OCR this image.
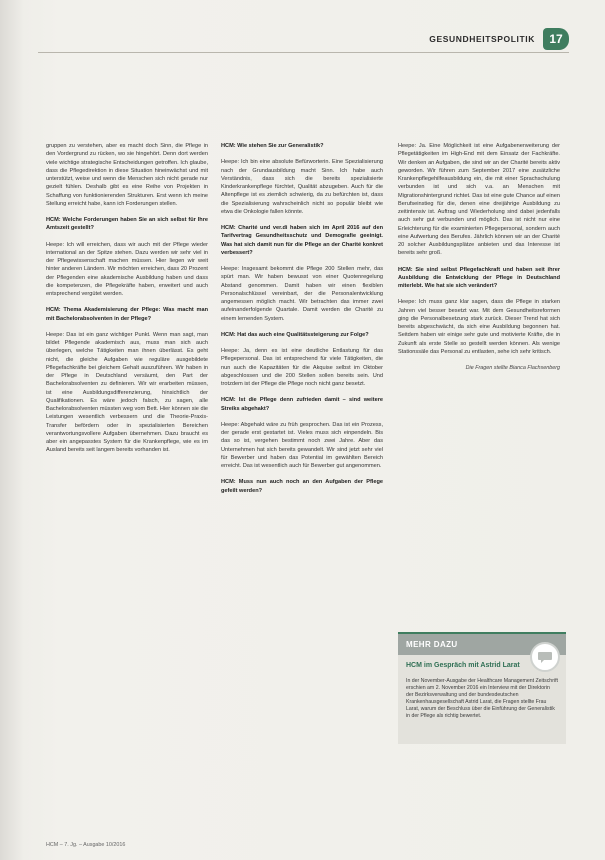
GESUNDHEITSPOLITIK	17

gruppen zu verstehen, aber es macht doch Sinn, die Pflege in den Vordergrund zu rücken, wo sie hingehört. Denn dort werden viele wichtige strategische Entscheidungen getroffen. Ich glaube, dass die Pflegedirektion in diese Situation hineinwächst und mit unterstützt, weise und wenn die Menschen sich nicht gerade nur gezielt fühlen. Deshalb gibt es eine Reihe von Projekten in Schaffung von funktionierenden Strukturen. Erst wenn ich meine Stellung erreicht habe, kann ich Forderungen stellen.

HCM: Welche Forderungen haben Sie an sich selbst für Ihre Amtszeit gestellt?

Heepe: Ich will erreichen, dass wir auch mit der Pflege wieder international an der Spitze stehen. Dazu werden wir sehr viel in der Pflegewissenschaft machen müssen. Hier liegen wir weit hinter anderen Ländern. Wir möchten erreichen, dass 20 Prozent der Pflegenden eine akademische Ausbildung haben und dass die kompetenzen, die Pflegekräfte haben, erweitert und auch entsprechend vergütet werden.

HCM: Thema Akademisierung der Pflege: Was macht man mit Bachelorabsolventen in der Pflege?

Heepe: Das ist ein ganz wichtiger Punkt. Wenn man sagt, man bildet Pflegende akademisch aus, muss man sich auch überlegen, welche Tätigkeiten man ihnen überlässt. Es geht nicht, die gleiche Aufgaben wie reguläre ausgebildete Pflegefachkräfte bei gleichem Gehalt auszuführen. Wir haben in der Pflege in Deutschland versäumt, den Part der Bachelorabsolventen zu definieren. Wir wir erarbeiten müssen, ist eine Ausbildungsdifferenzierung, hinsichtlich der Qualifikationen. Es wäre jedoch falsch, zu sagen, alle Bachelorabsolventen müssten weg vom Bett. Hier können sie die Leistungen wesentlich verbessern und die Theorie-Praxis-Transfer befördern oder in spezialisierten Bereichen verantwortungsvollere Aufgaben übernehmen. Dazu braucht es aber ein angepasstes System für die Krankenpflege, wie es im Ausland bereits seit langem bereits vorhanden ist.

HCM: Wie stehen Sie zur Generalistik?

Heepe: Ich bin eine absolute Befürworterin. Eine Spezialisierung nach der Grundausbildung macht Sinn. Ich habe auch Verständnis, dass sich die bereits spezialisierte Kinderkrankenpflege fürchtet, Qualität abzugeben. Auch für die Altenpflege ist es ziemlich schwierig, da zu befürchten ist, dass die Spezialisierung wahrscheinlich nicht so populär bleibt wie etwa die Onkologie fallen könnte.

HCM: Charité und ver.di haben sich im April 2016 auf den Tarifvertrag Gesundheitsschutz und Demografie geeinigt. Was hat sich damit nun für die Pflege an der Charité konkret verbessert?

Heepe: Insgesamt bekommt die Pflege 200 Stellen mehr, das spürt man. Wir haben bewusst von einer Quotenregelung Abstand genommen. Damit haben wir einen flexiblen Personalschlüssel vereinbart, der die Personalentwicklung angemessen möglich macht. Wir betrachten das immer zwei aufeinanderfolgende Quartale. Damit werden die Charité zu einem lernenden System.

HCM: Hat das auch eine Qualitätssteigerung zur Folge?

Heepe: Ja, denn es ist eine deutliche Entlastung für das Pflegepersonal. Das ist entsprechend für viele Tätigkeiten, die nun auch die Kapazitäten für die Akquise selbst im Oktober abgeschlossen und die 200 Stellen sollen bereits sein. Und trotzdem ist der Pflege die Pflege noch nicht ganz besetzt.

HCM: Ist die Pflege denn zufrieden damit – sind weitere Streiks abgehakt?

Heepe: Abgehakt wäre zu früh gesprochen. Das ist ein Prozess, der gerade erst gestartet ist. Vieles muss sich einpendeln. Bis das so ist, vergehen bestimmt noch zwei Jahre. Aber das Unternehmen hat sich bereits gewandelt. Wir sind jetzt sehr viel für Bewerber und haben das Potential im gewählten Bereich erreicht. Das ist wesentlich auch für Bewerber gut angenommen.

HCM: Muss nun auch noch an den Aufgaben der Pflege gefeilt werden?

Heepe: Ja. Eine Möglichkeit ist eine Aufgabenerweiterung der Pflegetätigkeiten im High-End mit dem Einsatz der Fachkräfte. Wir denken an Aufgaben, die sind wir an der Charité bereits aktiv geworden. Wir führen zum September 2017 eine zusätzliche Krankenpflegehilfeausbildung ein, die mit einer Sprachschulung verbunden ist und sich v.a. an Menschen mit Migrationshintergrund richtet. Das ist eine gute Chance auf einen Berufseinstieg für die, denen eine dreijährige Ausbildung zu zeitintensiv ist. Auftrag und Wiederholung sind dabei jedenfalls auch sehr gut verbunden und möglich. Das ist nicht nur eine Erleichterung für die examinierten Pflegepersonal, sondern auch eine Aufwertung des Berufes. Jährlich können wir an der Charité 20 solcher Ausbildungsplätze anbieten und das Interesse ist bereits sehr groß.

HCM: Sie sind selbst Pflegefachkraft und haben seit ihrer Ausbildung die Entwicklung der Pflege in Deutschland miterlebt. Wie hat sie sich verändert?

Heepe: Ich muss ganz klar sagen, dass die Pflege in starken Jahren viel besser besetzt war. Mit dem Gesundheitsreformen ging die Personalbesetzung stark zurück. Dieser Trend hat sich bereits abgeschwächt, da sich eine Ausbildung begonnen hat. Seitdem haben wir einige sehr gute und motivierte Kräfte, die in Zukunft als erste Stelle so gestellt werden können. Als wenige Stationssäle das Personal zu entlasten, sehe ich sehr kritisch.

Die Fragen stellte Bianca Flachsenberg

MEHR DAZU
HCM im Gespräch mit Astrid Larat
In der November-Ausgabe der Healthcare Management Zeitschrift erschien am 2. November 2016 ein Interview mit der Direktorin der Bezirksverwaltung und der bundesdeutschen Krankenhausgesellschaft Astrid Larat, die Fragen stellte Frau Larat, warum der Beschluss über die Einführung der Generalistik in der Pflege als richtig bewertet.
HCM – 7. Jg. – Ausgabe 10/2016
